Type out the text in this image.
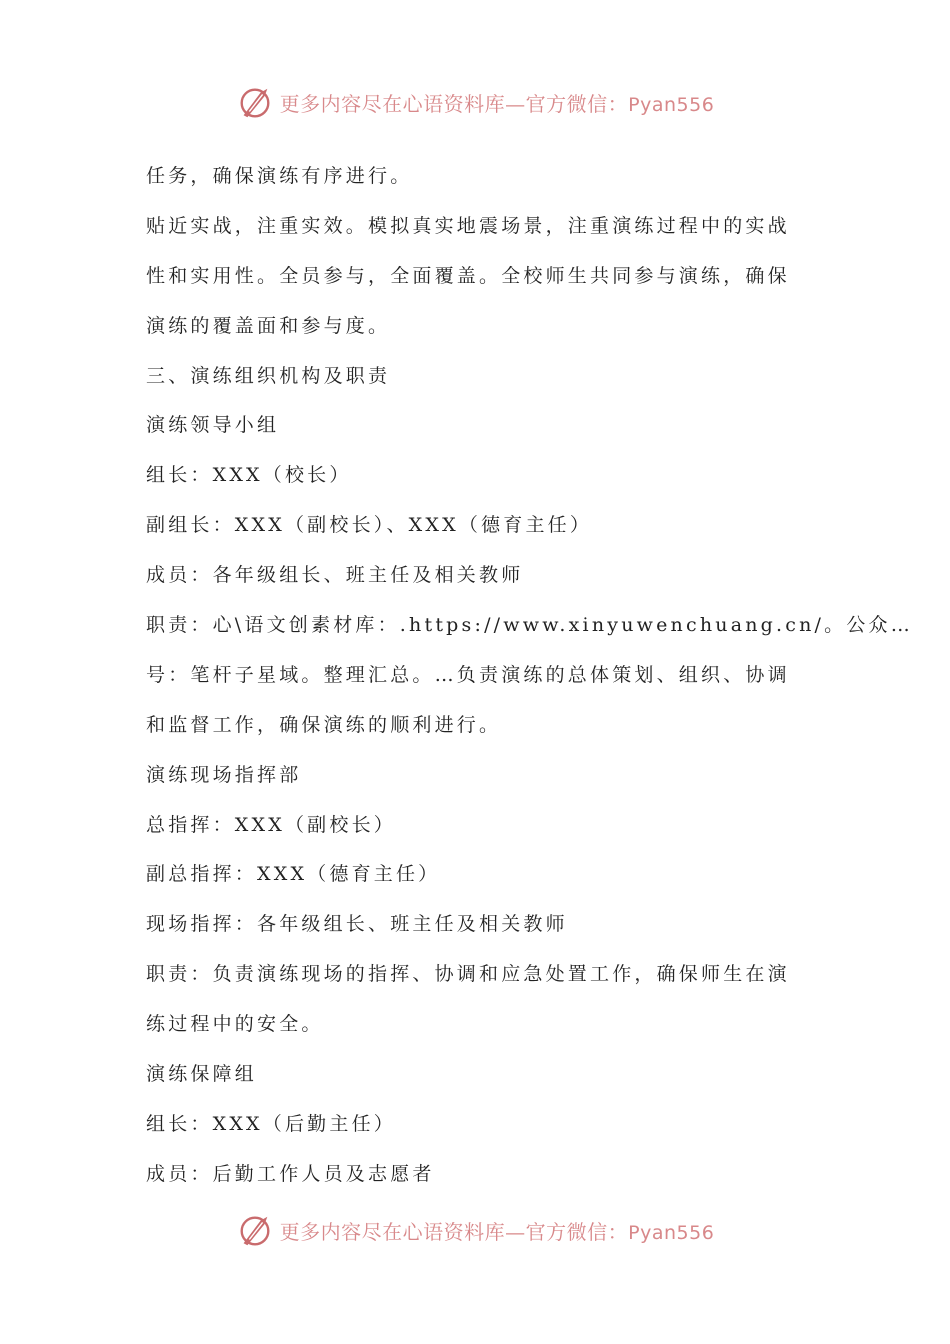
更多内容尽在心语资料库—官方微信：Pyan556
任务，确保演练有序进行。
贴近实战，注重实效。模拟真实地震场景，注重演练过程中的实战
性和实用性。全员参与，全面覆盖。全校师生共同参与演练，确保
演练的覆盖面和参与度。
三、演练组织机构及职责
演练领导小组
组长：XXX（校长）
副组长：XXX（副校长）、XXX（德育主任）
成员：各年级组长、班主任及相关教师
职责：心\语文创素材库：.https://www.xinyuwenchuang.cn/。公众…
号：笔杆子星域。整理汇总。…负责演练的总体策划、组织、协调
和监督工作，确保演练的顺利进行。
演练现场指挥部
总指挥：XXX（副校长）
副总指挥：XXX（德育主任）
现场指挥：各年级组长、班主任及相关教师
职责：负责演练现场的指挥、协调和应急处置工作，确保师生在演
练过程中的安全。
演练保障组
组长：XXX（后勤主任）
成员：后勤工作人员及志愿者
更多内容尽在心语资料库—官方微信：Pyan556
